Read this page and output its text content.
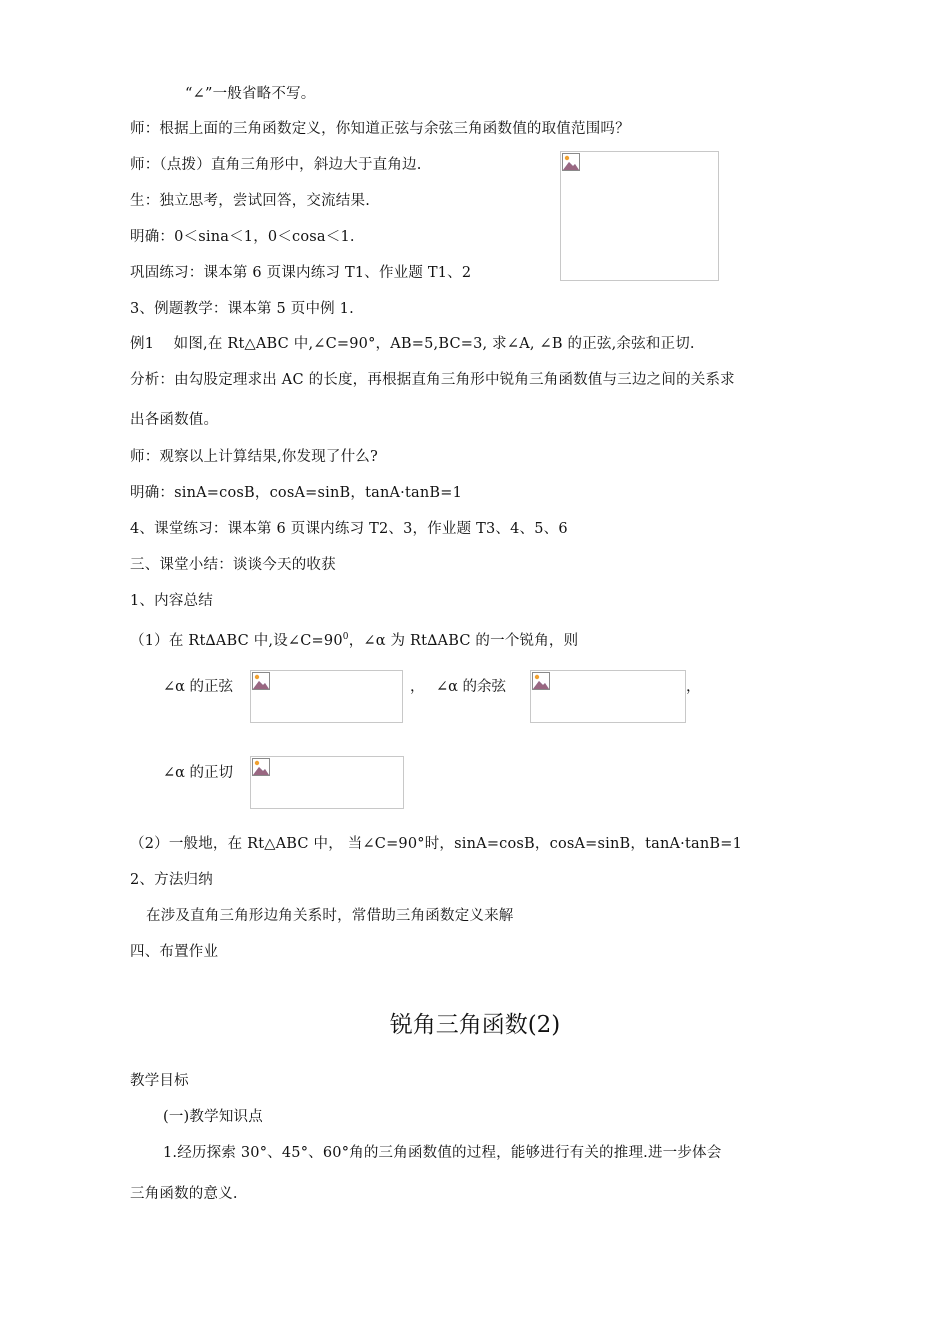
“∠”一般省略不写。
师：根据上面的三角函数定义，你知道正弦与余弦三角函数值的取值范围吗？
师：（点拨）直角三角形中，斜边大于直角边.
生：独立思考，尝试回答，交流结果.
明确：0＜sina＜1，0＜cosa＜1.
巩固练习：课本第 6 页课内练习 T1、作业题 T1、2
3、例题教学：课本第 5 页中例 1.
例1　 如图,在 Rt△ABC 中,∠C=90°，AB=5,BC=3, 求∠A, ∠B 的正弦,余弦和正切.
分析：由勾股定理求出 AC 的长度，再根据直角三角形中锐角三角函数值与三边之间的关系求
出各函数值。
师：观察以上计算结果,你发现了什么?
明确：sinA=cosB，cosA=sinB，tanA·tanB=1
4、课堂练习：课本第 6 页课内练习 T2、3，作业题 T3、4、5、6
三、课堂小结：谈谈今天的收获
1、内容总结
（1）在 Rt∆ABC 中,设$\angle C=90^0$，∠α 为 Rt∆ABC 的一个锐角，则
∠α 的正弦	， ∠α 的余弦	，
∠α 的正切
（2）一般地，在 Rt△ABC 中， 当∠C=90°时，sinA=cosB，cosA=sinB，tanA·tanB=1
2、方法归纳
在涉及直角三角形边角关系时，常借助三角函数定义来解
四、布置作业
锐角三角函数(2)
教学目标
(一)教学知识点
1.经历探索 30°、45°、60°角的三角函数值的过程，能够进行有关的推理.进一步体会
三角函数的意义.
